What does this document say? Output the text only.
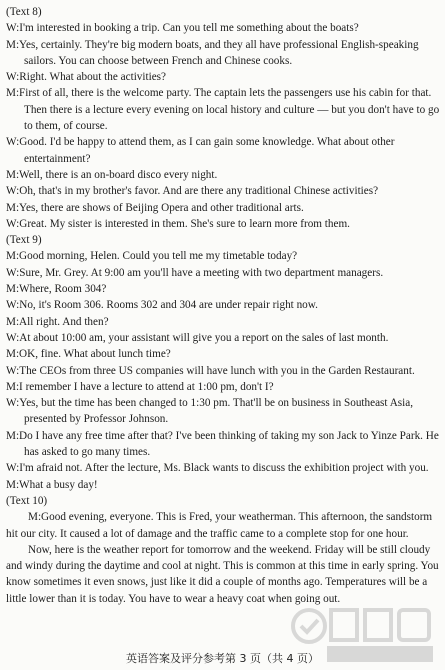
(Text 8)

W:I'm interested in booking a trip. Can you tell me something about the boats?

M:Yes, certainly. They're big modern boats, and they all have professional English-speaking sailors. You can choose between French and Chinese cooks.

W:Right. What about the activities?

M:First of all, there is the welcome party. The captain lets the passengers use his cabin for that. Then there is a lecture every evening on local history and culture — but you don't have to go to them, of course.

W:Good. I'd be happy to attend them, as I can gain some knowledge. What about other entertainment?

M:Well, there is an on-board disco every night.

W:Oh, that's in my brother's favor. And are there any traditional Chinese activities?

M:Yes, there are shows of Beijing Opera and other traditional arts.

W:Great. My sister is interested in them. She's sure to learn more from them.

(Text 9)

M:Good morning, Helen. Could you tell me my timetable today?

W:Sure, Mr. Grey. At 9:00 am you'll have a meeting with two department managers.

M:Where, Room 304?

W:No, it's Room 306. Rooms 302 and 304 are under repair right now.

M:All right. And then?

W:At about 10:00 am, your assistant will give you a report on the sales of last month.

M:OK, fine. What about lunch time?

W:The CEOs from three US companies will have lunch with you in the Garden Restaurant.

M:I remember I have a lecture to attend at 1:00 pm, don't I?

W:Yes, but the time has been changed to 1:30 pm. That'll be on business in Southeast Asia, presented by Professor Johnson.

M:Do I have any free time after that? I've been thinking of taking my son Jack to Yinze Park. He has asked to go many times.

W:I'm afraid not. After the lecture, Ms. Black wants to discuss the exhibition project with you.

M:What a busy day!

(Text 10)

M:Good evening, everyone. This is Fred, your weatherman. This afternoon, the sandstorm hit our city. It caused a lot of damage and the traffic came to a complete stop for one hour.

Now, here is the weather report for tomorrow and the weekend. Friday will be still cloudy and windy during the daytime and cool at night. This is common at this time in early spring. You know sometimes it even snows, just like it did a couple of months ago. Temperatures will be a little lower than it is today. You have to wear a heavy coat when going out.

英语答案及评分参考第 3 页（共 4 页）
